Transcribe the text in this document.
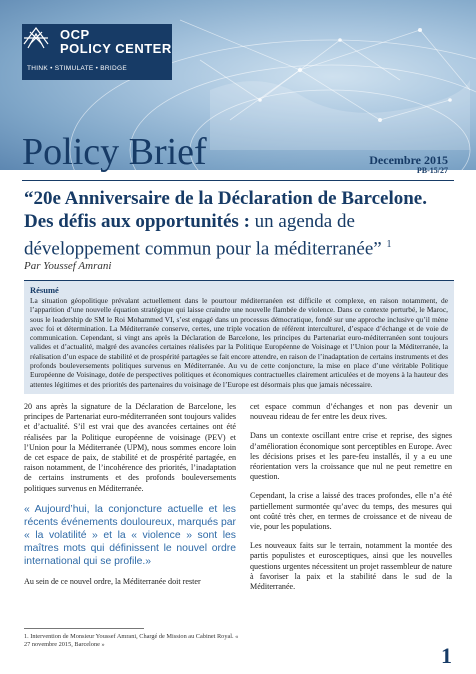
OCP
POLICY CENTER
THINK • STIMULATE • BRIDGE
Policy Brief	Decembre 2015
PB-15/27
“20e Anniversaire de la Déclaration de Barcelone. Des défis aux opportunités : un agenda de développement commun pour la méditerranée” $^1$
Par Youssef Amrani
Résumé
La situation géopolitique prévalant actuellement dans le pourtour méditerranéen est difficile et complexe, en raison notamment, de l’apparition d’une nouvelle équation stratégique qui laisse craindre une nouvelle flambée de violence. Dans ce contexte perturbé, le Maroc, sous le leadership de SM le Roi Mohammed VI, s’est engagé dans un processus démocratique, fondé sur une approche inclusive qu’il mène avec foi et détermination. La Méditerranée conserve, certes, une triple vocation de référent interculturel, d’espace d’échange et de voie de communication. Cependant, si vingt ans après la Déclaration de Barcelone, les principes du Partenariat euro-méditerranéen sont toujours valides et d’actualité, malgré des avancées certaines réalisées par la Politique Européenne de Voisinage et l’Union pour la Méditerranée, la réalisation d’un espace de stabilité et de prospérité partagées se fait encore attendre, en raison de l’inadaptation de certains instruments et des profonds bouleversements politiques survenus en Méditerranée. Au vu de cette conjoncture, la mise en place d’une véritable Politique Européenne de Voisinage, dotée de perspectives politiques et économiques contractuelles clairement articulées et de moyens à la hauteur des attentes légitimes et des priorités des partenaires du voisinage de l’Europe est désormais plus que jamais nécessaire.

20 ans après la signature de la Déclaration de Barcelone, les principes de Partenariat euro-méditerranéen sont toujours valides et d’actualité. S’il est vrai que des avancées certaines ont été réalisées par la Politique européenne de voisinage (PEV) et l’Union pour la Méditerranée (UPM), nous sommes encore loin de cet espace de paix, de stabilité et de prospérité partagée, en raison notamment, de l’incohérence des priorités, l’inadaptation de certains instruments et des profonds bouleversements politiques survenus en Méditerranée.

« Aujourd’hui, la conjoncture actuelle et les récents événements douloureux, marqués par « la volatilité » et la « violence » sont les maîtres mots qui définissent le nouvel ordre international qui se profile.»

Au sein de ce nouvel ordre, la Méditerranée doit rester

cet espace commun d’échanges et non pas devenir un nouveau rideau de fer entre les deux rives.

Dans un contexte oscillant entre crise et reprise, des signes d’amélioration économique sont perceptibles en Europe. Avec les décisions prises et les pare-feu installés, il y a eu une réorientation vers la croissance que nul ne peut remettre en question.

Cependant, la crise a laissé des traces profondes, elle n’a été partiellement surmontée qu’avec du temps, des mesures qui ont coûté très cher, en termes de croissance et de niveau de vie, pour les populations.

Les nouveaux faits sur le terrain, notamment la montée des partis populistes et eurosceptiques, ainsi que les nouvelles questions urgentes nécessitent un projet rassembleur de nature à favoriser la paix et la stabilité dans le sud de la Méditerranée.

1. Intervention de Monsieur Youssef Amrani, Chargé de Mission au Cabinet Royal. « 27 novembre 2015, Barcelone »	1
